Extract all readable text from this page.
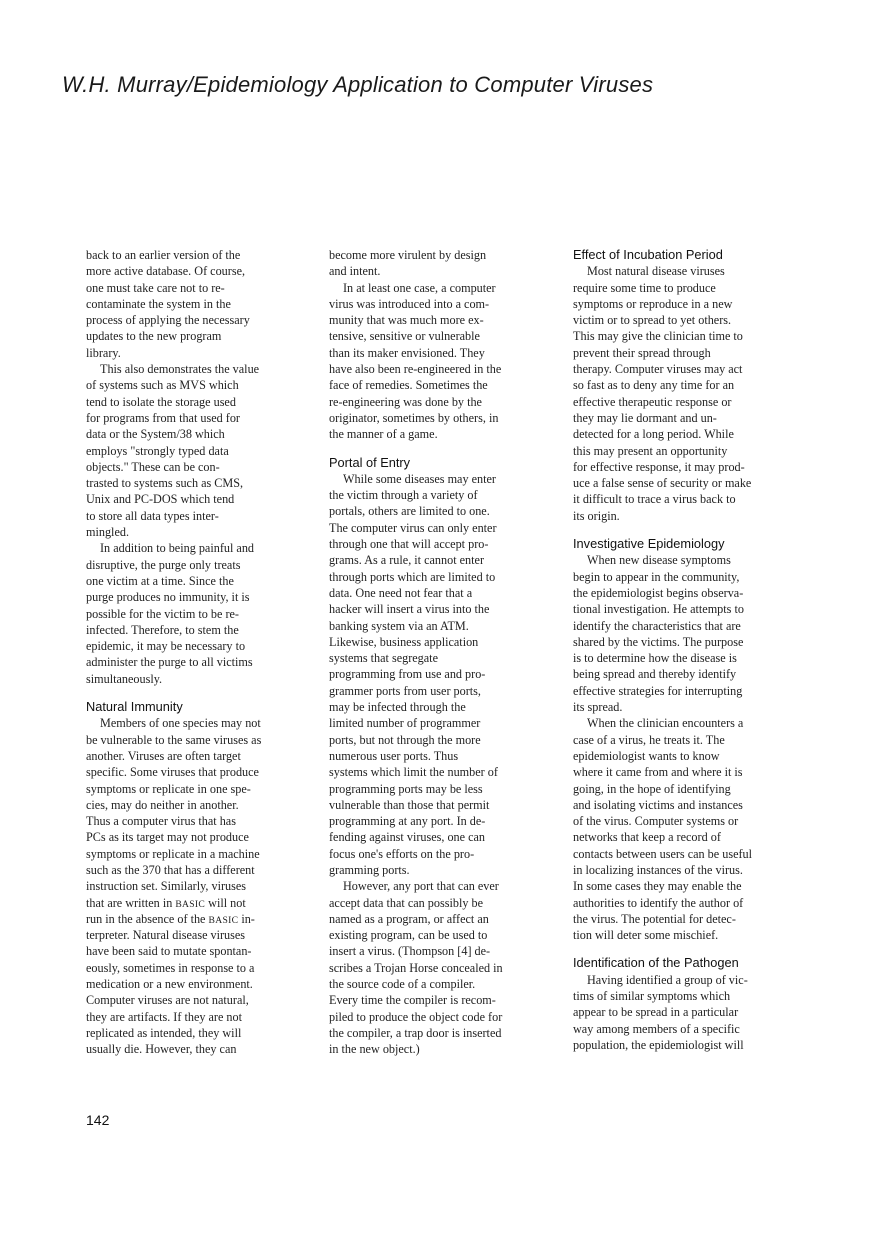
W.H. Murray/Epidemiology Application to Computer Viruses
back to an earlier version of the
more active database. Of course,
one must take care not to re-
contaminate the system in the
process of applying the necessary
updates to the new program
library.
This also demonstrates the value
of systems such as MVS which
tend to isolate the storage used
for programs from that used for
data or the System/38 which
employs "strongly typed data
objects." These can be con-
trasted to systems such as CMS,
Unix and PC-DOS which tend
to store all data types inter-
mingled.
In addition to being painful and
disruptive, the purge only treats
one victim at a time. Since the
purge produces no immunity, it is
possible for the victim to be re-
infected. Therefore, to stem the
epidemic, it may be necessary to
administer the purge to all victims
simultaneously.
Natural Immunity
Members of one species may not
be vulnerable to the same viruses as
another. Viruses are often target
specific. Some viruses that produce
symptoms or replicate in one spe-
cies, may do neither in another.
Thus a computer virus that has
PCs as its target may not produce
symptoms or replicate in a machine
such as the 370 that has a different
instruction set. Similarly, viruses
that are written in BASIC will not
run in the absence of the BASIC in-
terpreter. Natural disease viruses
have been said to mutate spontan-
eously, sometimes in response to a
medication or a new environment.
Computer viruses are not natural,
they are artifacts. If they are not
replicated as intended, they will
usually die. However, they can
become more virulent by design
and intent.
In at least one case, a computer
virus was introduced into a com-
munity that was much more ex-
tensive, sensitive or vulnerable
than its maker envisioned. They
have also been re-engineered in the
face of remedies. Sometimes the
re-engineering was done by the
originator, sometimes by others, in
the manner of a game.
Portal of Entry
While some diseases may enter
the victim through a variety of
portals, others are limited to one.
The computer virus can only enter
through one that will accept pro-
grams. As a rule, it cannot enter
through ports which are limited to
data. One need not fear that a
hacker will insert a virus into the
banking system via an ATM.
Likewise, business application
systems that segregate
programming from use and pro-
grammer ports from user ports,
may be infected through the
limited number of programmer
ports, but not through the more
numerous user ports. Thus
systems which limit the number of
programming ports may be less
vulnerable than those that permit
programming at any port. In de-
fending against viruses, one can
focus one's efforts on the pro-
gramming ports.
However, any port that can ever
accept data that can possibly be
named as a program, or affect an
existing program, can be used to
insert a virus. (Thompson [4] de-
scribes a Trojan Horse concealed in
the source code of a compiler.
Every time the compiler is recom-
piled to produce the object code for
the compiler, a trap door is inserted
in the new object.)
Effect of Incubation Period
Most natural disease viruses
require some time to produce
symptoms or reproduce in a new
victim or to spread to yet others.
This may give the clinician time to
prevent their spread through
therapy. Computer viruses may act
so fast as to deny any time for an
effective therapeutic response or
they may lie dormant and un-
detected for a long period. While
this may present an opportunity
for effective response, it may prod-
uce a false sense of security or make
it difficult to trace a virus back to
its origin.
Investigative Epidemiology
When new disease symptoms
begin to appear in the community,
the epidemiologist begins observa-
tional investigation. He attempts to
identify the characteristics that are
shared by the victims. The purpose
is to determine how the disease is
being spread and thereby identify
effective strategies for interrupting
its spread.
When the clinician encounters a
case of a virus, he treats it. The
epidemiologist wants to know
where it came from and where it is
going, in the hope of identifying
and isolating victims and instances
of the virus. Computer systems or
networks that keep a record of
contacts between users can be useful
in localizing instances of the virus.
In some cases they may enable the
authorities to identify the author of
the virus. The potential for detec-
tion will deter some mischief.
Identification of the Pathogen
Having identified a group of vic-
tims of similar symptoms which
appear to be spread in a particular
way among members of a specific
population, the epidemiologist will
142
